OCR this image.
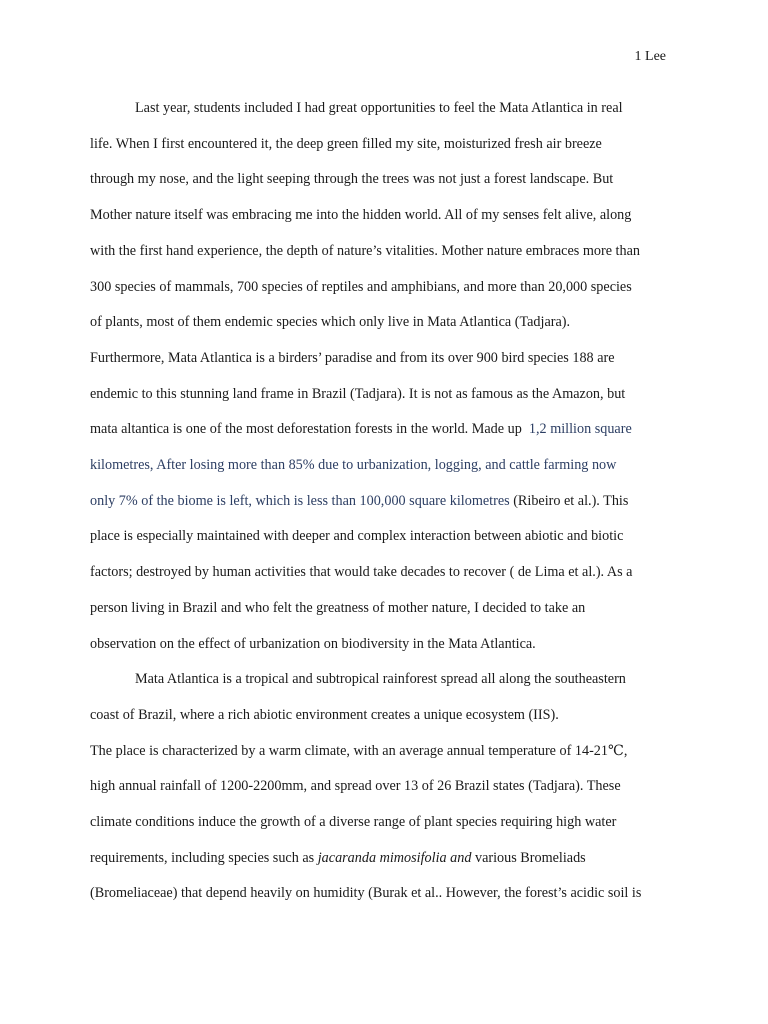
1 Lee
Last year, students included I had great opportunities to feel the Mata Atlantica in real
life. When I first encountered it, the deep green filled my site, moisturized fresh air breeze
through my nose, and the light seeping through the trees was not just a forest landscape. But
Mother nature itself was embracing me into the hidden world. All of my senses felt alive, along
with the first hand experience, the depth of nature’s vitalities. Mother nature embraces more than
300 species of mammals, 700 species of reptiles and amphibians, and more than 20,000 species
of plants, most of them endemic species which only live in Mata Atlantica (Tadjara).
Furthermore, Mata Atlantica is a birders’ paradise and from its over 900 bird species 188 are
endemic to this stunning land frame in Brazil (Tadjara). It is not as famous as the Amazon, but
mata altantica is one of the most deforestation forests in the world. Made up 1,2 million square
kilometres, After losing more than 85% due to urbanization, logging, and cattle farming now
only 7% of the biome is left, which is less than 100,000 square kilometres (Ribeiro et al.). This
place is especially maintained with deeper and complex interaction between abiotic and biotic
factors; destroyed by human activities that would take decades to recover ( de Lima et al.). As a
person living in Brazil and who felt the greatness of mother nature, I decided to take an
observation on the effect of urbanization on biodiversity in the Mata Atlantica.
Mata Atlantica is a tropical and subtropical rainforest spread all along the southeastern
coast of Brazil, where a rich abiotic environment creates a unique ecosystem (IIS).
The place is characterized by a warm climate, with an average annual temperature of 14-21℃,
high annual rainfall of 1200-2200mm, and spread over 13 of 26 Brazil states (Tadjara). These
climate conditions induce the growth of a diverse range of plant species requiring high water
requirements, including species such as jacaranda mimosifolia and various Bromeliads
(Bromeliaceae) that depend heavily on humidity (Burak et al.. However, the forest’s acidic soil is
